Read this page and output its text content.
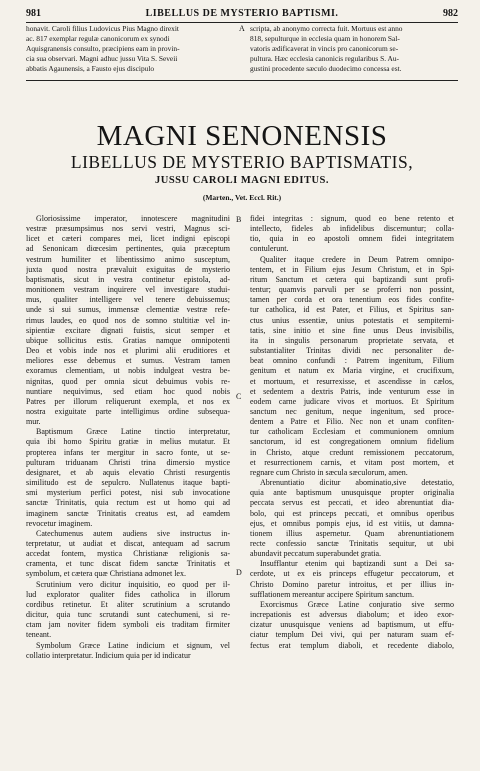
981	LIBELLUS DE MYSTERIO BAPTISMI.	982
honavit. Caroli filius Ludovicus Pius Magno direxit
ac. 817 exemplar regulæ canonicorum ex synodi
Aquisgranensis consulto, præcipiens eam in provin-
cia sua observari. Magni adhuc jussu Vita S. Seveii
abbatis Agaunensis, a Fausto ejus discipulo
scripta, ab anonymo correcta fuit. Mortuus est anno
818, sepulturque in ecclesia quam in honorem Sal-
vatoris ædificaverat in vincis pro canonicorum se-
pultura. Hæc ecclesia canonicis regularibus S. Au-
gustini procedente sæculo duodecimo concessa est.
A
MAGNI SENONENSIS
LIBELLUS DE MYSTERIO BAPTISMATIS,
JUSSU CAROLI MAGNI EDITUS.
(Marten., Vet. Eccl. Rit.)
Gloriosissime imperator, innotescere magnitudini
vestræ præsumpsimus nos servi vestri, Magnus sci-
licet et cæteri compares mei, licet indigni episcopi
ad Senonicam diœcesim pertinentes, quia præceptum
vestrum humiliter et libentissimo animo susceptum,
juxta quod nostra prævaluit exiguitas de mysterio
baptismatis, sicut in vestra continetur epistola, ad-
monitionem vestram inquirere vel investigare studui-
mus, qualiter intelligere vel tenere debuissemus;
unde si sui sumus, immensæ clementiæ vestræ refe-
rimus laudes, eo quod nos de somno stultitiæ vel in-
sipientiæ excitare dignati fuistis, sicut semper et
ubique sollicitus estis. Gratias namque omnipotenti
Deo et vobis inde nos et plurimi alii eruditiores et
meliores esse debemus et sumus. Vestram tamen
exoramus clementiam, ut nobis indulgeat vestra be-
nignitas, quod per omnia sicut debuimus vobis re-
nuntiare nequivimus, sed etiam hoc quod nobis
Patres per illorum reliquerunt exempla, et nos ex
nostra exiguitate parte intelligimus ordine subsequa-
mur.
Baptismum Græce Latine tinctio interpretatur,
quia ibi homo Spiritu gratiæ in melius mutatur. Et
propterea infans ter mergitur in sacro fonte, ut se-
pulturam triduanam Christi trina dimersio mystice
designaret, et ab aquis elevatio Christi resurgentis
similitudo est de sepulcro. Nullatenus itaque bapti-
smi mysterium perfici potest, nisi sub invocatione
sanctæ Trinitatis, quia rectum est ut homo qui ad
imaginem sanctæ Trinitatis creatus est, ad eamdem
revocetur imaginem.
Catechumenus autem audiens sive instructus in-
terpretatur, ut audiat et discat, antequam ad sacrum
accedat fontem, mystica Christianæ religionis sa-
cramenta, et tunc discat fidem sanctæ Trinitatis et
symbolum, et cætera quæ Christiana admonet lex.
Scrutinium vero dicitur inquisitio, eo quod per il-
lud explorator qualiter fides catholica in illorum
cordibus retinetur. Et aliter scrutinium a scrutando
dicitur, quia tunc scrutandi sunt catechumeni, si re-
ctam jam noviter fidem symboli eis traditam firmiter
teneant.
Symbolum Græce Latine indicium et signum, vel
collatio interpretatur. Indicium quia per id indicatur
fidei integritas : signum, quod eo bene retento et
intellecto, fideles ab infidelibus discernuntur; colla-
tio, quia in eo apostoli omnem fidei integritatem
contulerunt.
Qualiter itaque credere in Deum Patrem omnipo-
tentem, et in Filium ejus Jesum Christum, et in Spi-
ritum Sanctum et cætera qui baptizandi sunt profi-
tentur; quamvis parvuli per se proferri non possint,
tamen per corda et ora tenentium eos fides confite-
tur catholica, id est Pater, et Filius, et Spiritus san-
ctus unius essentiæ, unius potestatis et sempiterni-
tatis, sine initio et sine fine unus Deus invisibilis,
ita in singulis personarum proprietate servata, et
substantialiter Trinitas dividi nec personaliter de-
beat omnino confundi : Patrem ingenitum, Filium
genitum et natum ex Maria virgine, et crucifixum,
et mortuum, et resurrexisse, et ascendisse in cælos,
et sedentem a dextris Patris, inde venturum esse in
eodem carne judicare vivos et mortuos. Et Spiritum
sanctum nec genitum, neque ingenitum, sed proce-
dentem a Patre et Filio. Nec non et unam confiten-
tur catholicam Ecclesiam et communionem omnium
sanctorum, id est congregationem omnium fidelium
in Christo, atque credunt remissionem peccatorum,
et resurrectionem carnis, et vitam post mortem, et
regnare cum Christo in sæcula sæculorum, amen.
Abrenuntiatio dicitur abominatio,sive detestatio,
quia ante baptismum unusquisque propter originalia
peccata servus est peccati, et ideo abrenuntiat dia-
bolo, qui est princeps peccati, et omnibus operibus
ejus, et omnibus pompis ejus, id est vitiis, ut damna-
tionem illius aspernetur. Quam abrenuntiationem
recte confessio sanctæ Trinitatis sequitur, ut ubi
abundavit peccatum superabundet gratia.
Insufflantur etenim qui baptizandi sunt a Dei sa-
cerdote, ut ex eis princeps effugetur peccatorum, et
Christo Domino paretur introitus, et per illius in-
sufflationem mereantur accipere Spiritum sanctum.
Exorcismus Græce Latine conjuratio sive sermo
increpationis est adversus diabolum; et ideo exor-
cizatur unusquisque veniens ad baptismum, ut effu-
ciatur templum Dei vivi, qui per naturam suam ef-
fectus erat templum diaboli, et recedente diabolo,
B
C
D
